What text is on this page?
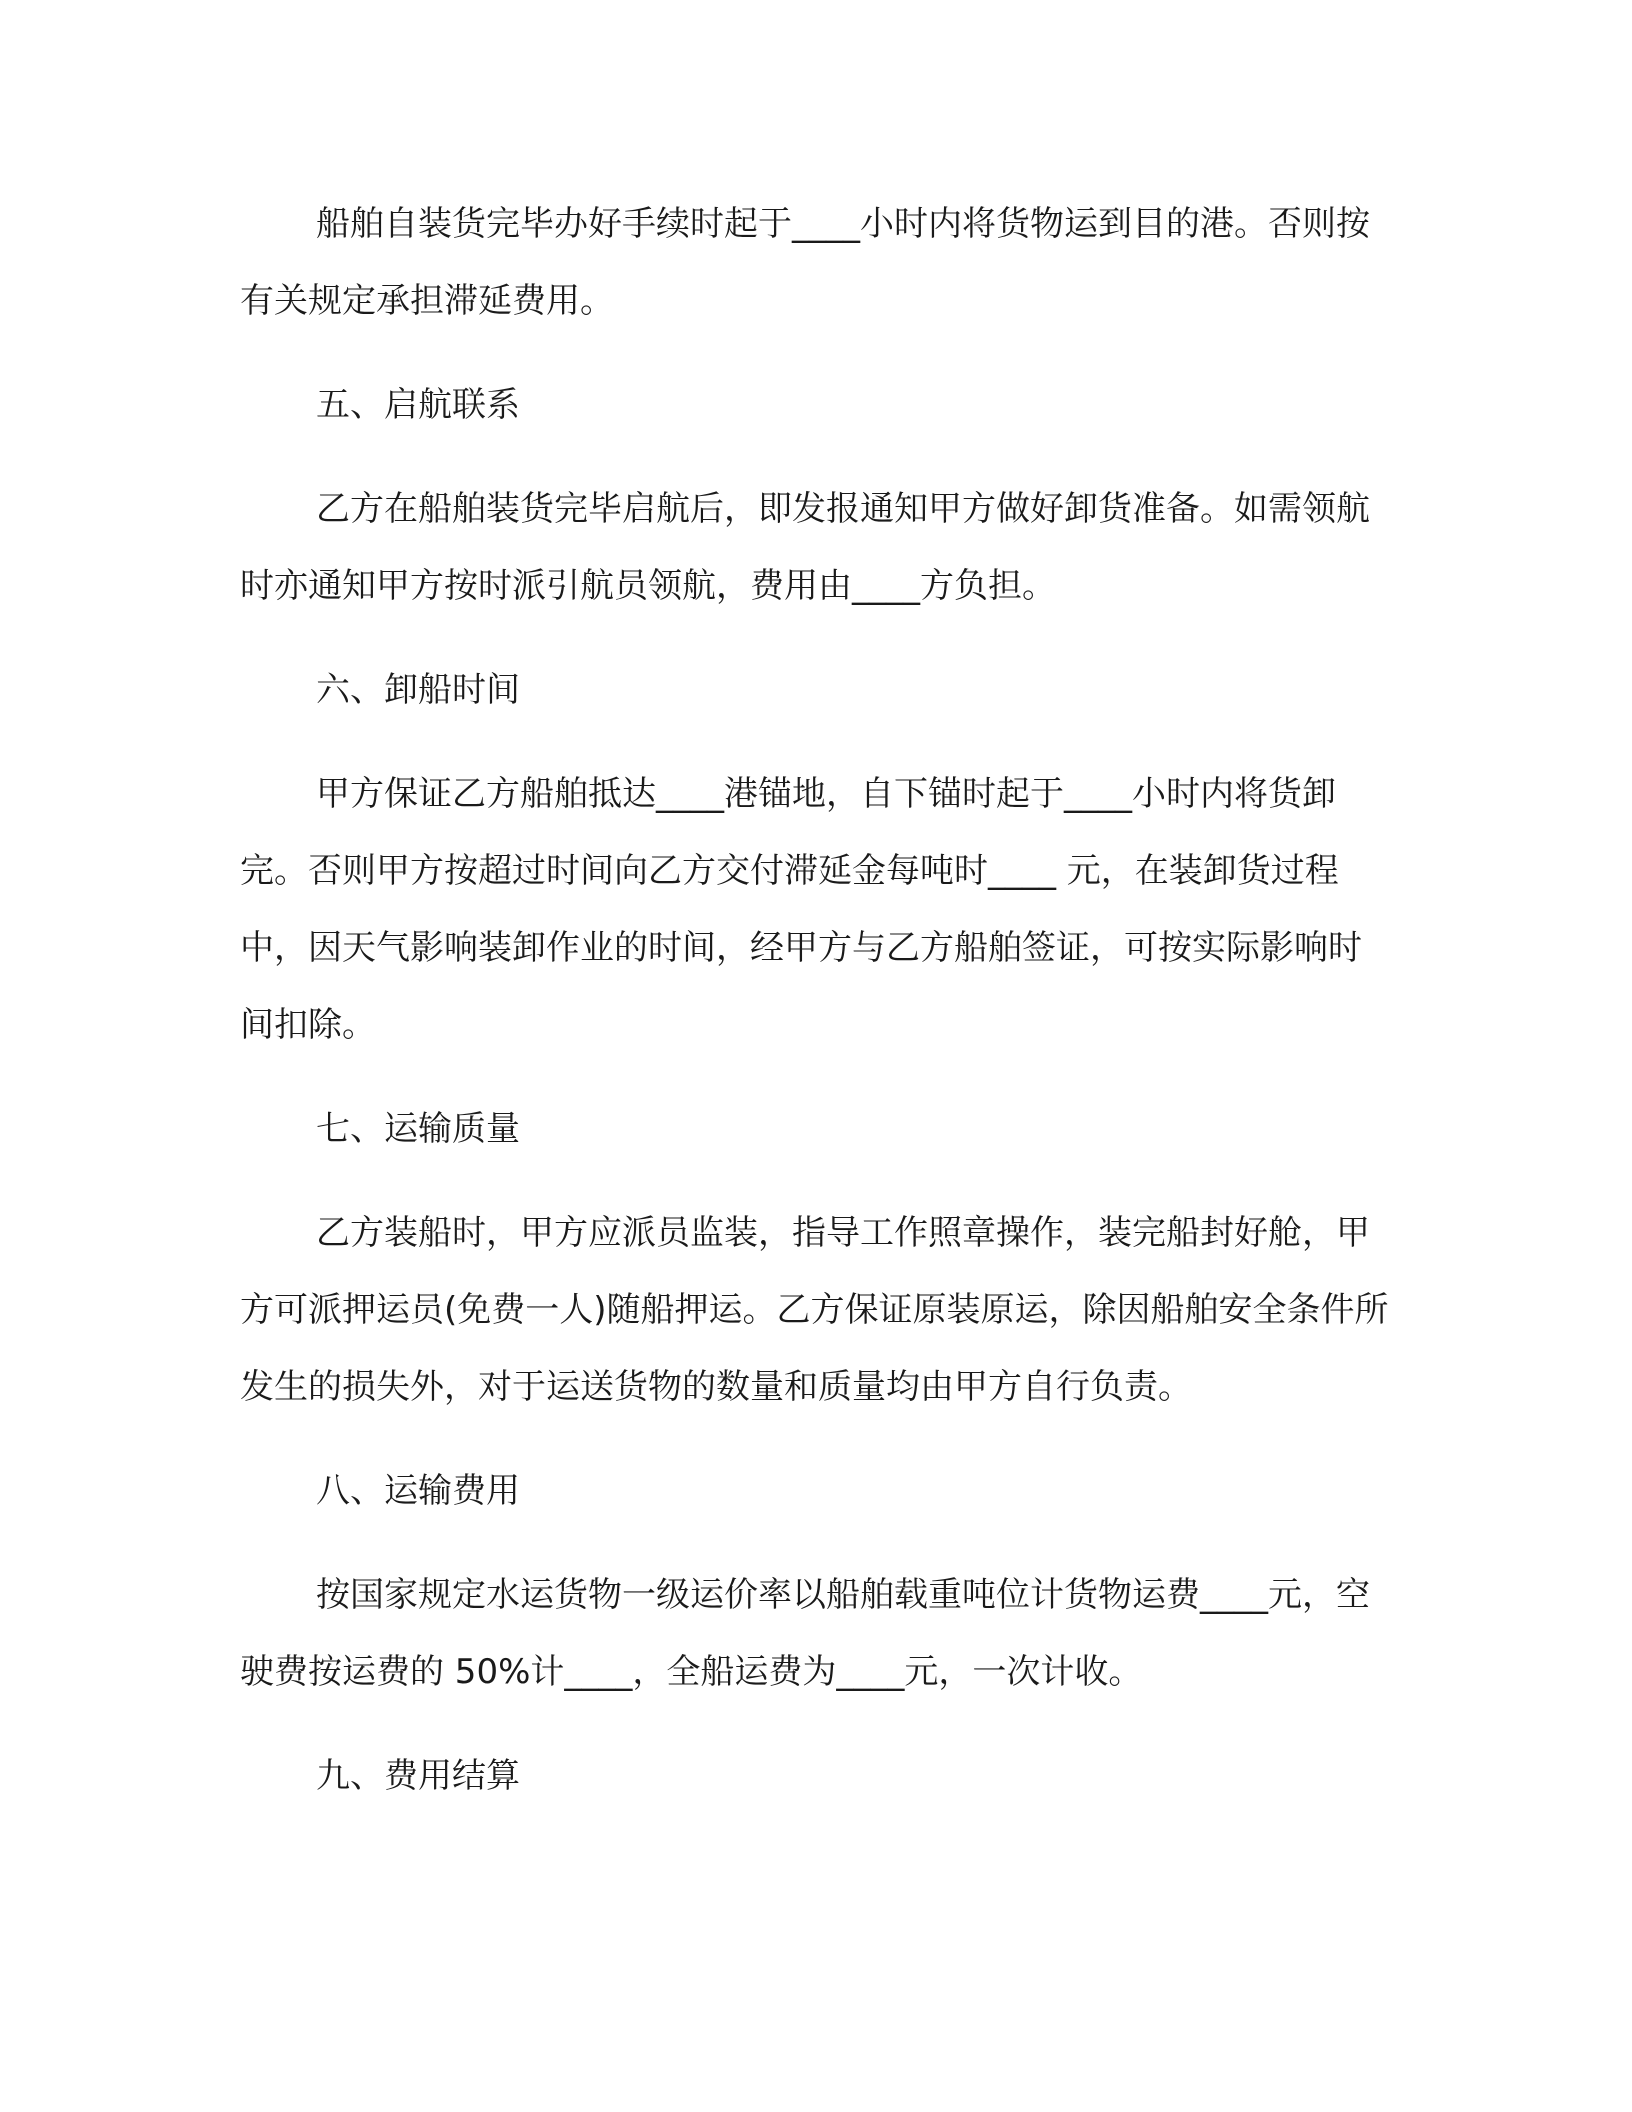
船舶自装货完毕办好手续时起于____小时内将货物运到目的港。否则按有关规定承担滞延费用。

五、启航联系

乙方在船舶装货完毕启航后，即发报通知甲方做好卸货准备。如需领航时亦通知甲方按时派引航员领航，费用由____方负担。

六、卸船时间

甲方保证乙方船舶抵达____港锚地，自下锚时起于____小时内将货卸完。否则甲方按超过时间向乙方交付滞延金每吨时____ 元，在装卸货过程中，因天气影响装卸作业的时间，经甲方与乙方船舶签证，可按实际影响时间扣除。

七、运输质量

乙方装船时，甲方应派员监装，指导工作照章操作，装完船封好舱，甲方可派押运员(免费一人)随船押运。乙方保证原装原运，除因船舶安全条件所发生的损失外，对于运送货物的数量和质量均由甲方自行负责。

八、运输费用

按国家规定水运货物一级运价率以船舶载重吨位计货物运费____元，空驶费按运费的 50%计____，全船运费为____元，一次计收。

九、费用结算
